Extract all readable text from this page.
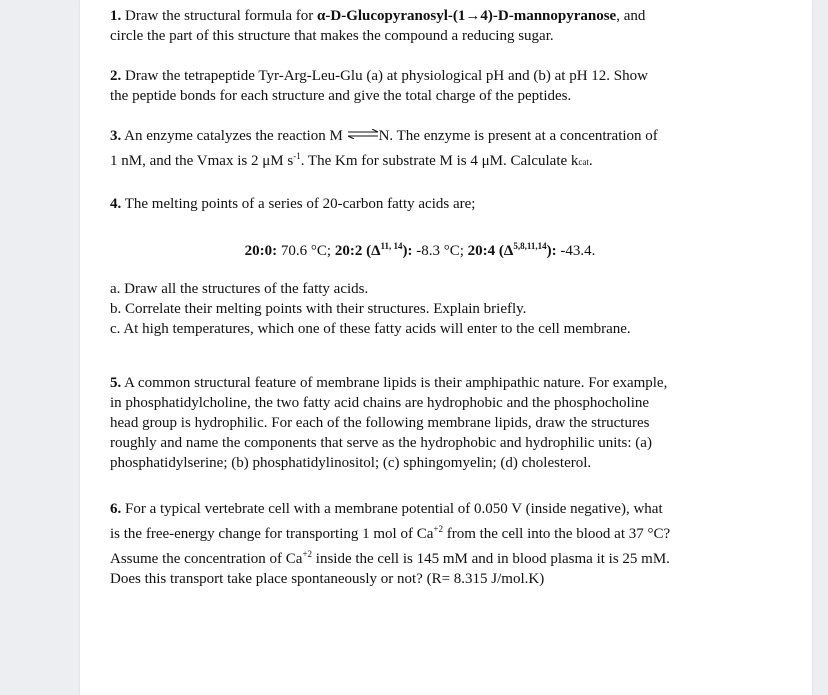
1. Draw the structural formula for α-D-Glucopyranosyl-(1→4)-D-mannopyranose, and

circle the part of this structure that makes the compound a reducing sugar.

2. Draw the tetrapeptide Tyr-Arg-Leu-Glu (a) at physiological pH and (b) at pH 12. Show

the peptide bonds for each structure and give the total charge of the peptides.

3. An enzyme catalyzes the reaction M ⇌N. The enzyme is present at a concentration of

1 nM, and the Vmax is 2 μM $s^{-1}$. The Km for substrate M is 4 μM. Calculate kcat.

4. The melting points of a series of 20-carbon fatty acids are;

20:0: 70.6 °C; 20:2 $(\Delta^{11, 14})$: -8.3 °C; 20:4 $(\Delta^{5,8,11,14})$: -43.4.

a. Draw all the structures of the fatty acids.

b. Correlate their melting points with their structures. Explain briefly.

c. At high temperatures, which one of these fatty acids will enter to the cell membrane.

5. A common structural feature of membrane lipids is their amphipathic nature. For example,

in phosphatidylcholine, the two fatty acid chains are hydrophobic and the phosphocholine

head group is hydrophilic. For each of the following membrane lipids, draw the structures

roughly and name the components that serve as the hydrophobic and hydrophilic units: (a)

phosphatidylserine; (b) phosphatidylinositol; (c) sphingomyelin; (d) cholesterol.

6. For a typical vertebrate cell with a membrane potential of 0.050 V (inside negative), what

is the free-energy change for transporting 1 mol of $Ca^{+2}$ from the cell into the blood at 37 °C?

Assume the concentration of $Ca^{+2}$ inside the cell is 145 mM and in blood plasma it is 25 mM.

Does this transport take place spontaneously or not? (R= 8.315 J/mol.K)
